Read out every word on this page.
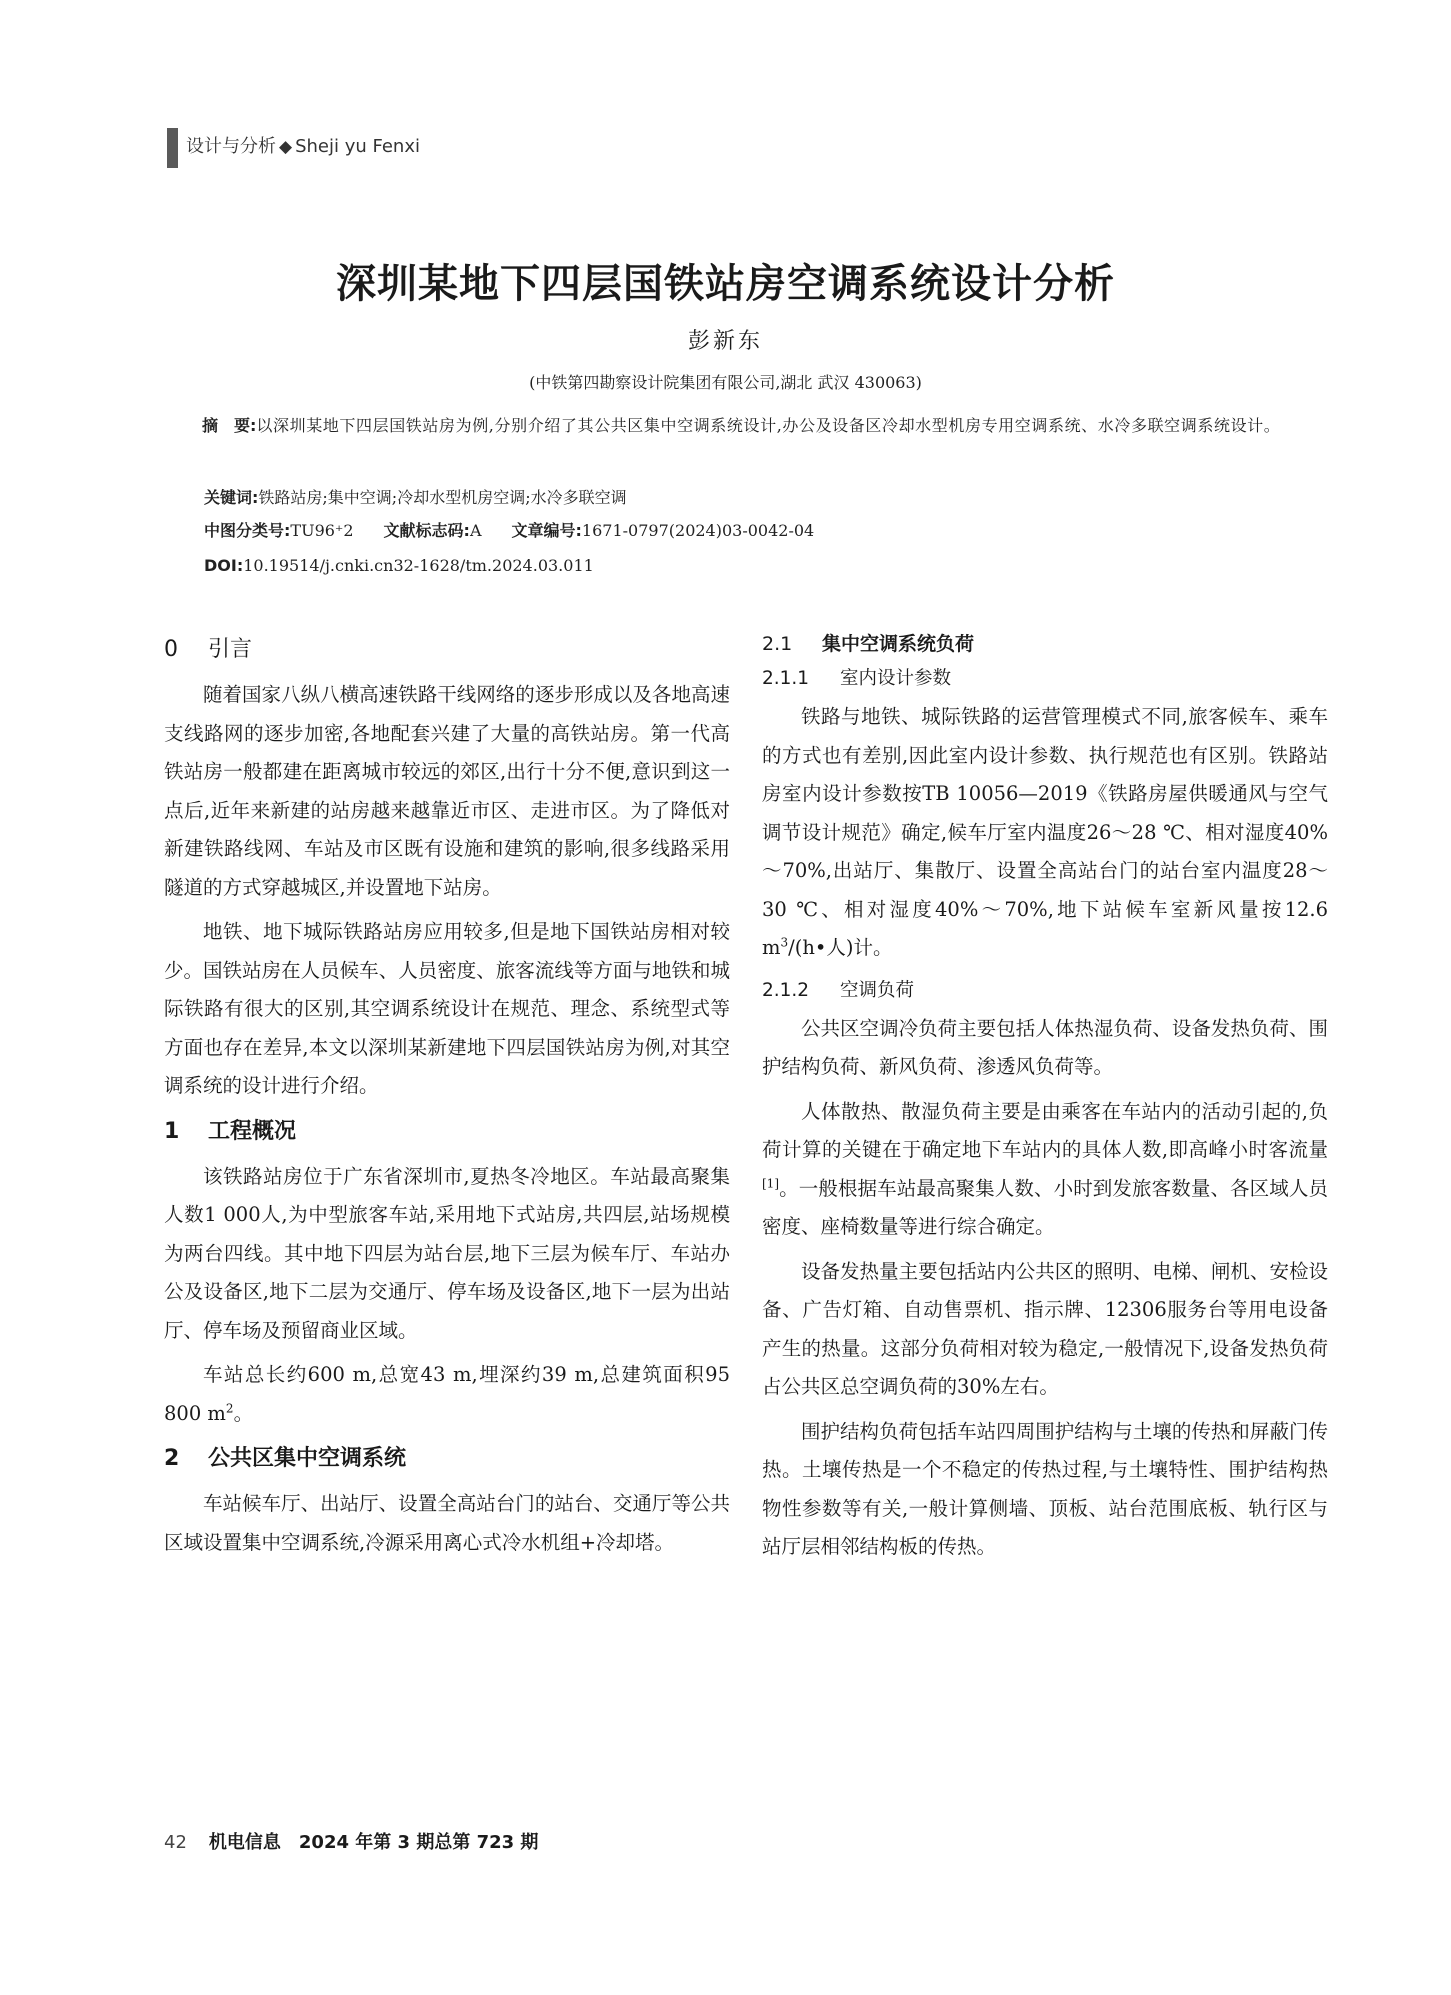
设计与分析 ◆ Sheji yu Fenxi
深圳某地下四层国铁站房空调系统设计分析
彭新东
(中铁第四勘察设计院集团有限公司,湖北 武汉 430063)
摘　要:以深圳某地下四层国铁站房为例,分别介绍了其公共区集中空调系统设计,办公及设备区冷却水型机房专用空调系统、水冷多联空调系统设计。
关键词:铁路站房;集中空调;冷却水型机房空调;水冷多联空调
中图分类号:TU96⁺2 文献标志码:A 文章编号:1671-0797(2024)03-0042-04
DOI:10.19514/j.cnki.cn32-1628/tm.2024.03.011
0 引言

随着国家八纵八横高速铁路干线网络的逐步形成以及各地高速支线路网的逐步加密,各地配套兴建了大量的高铁站房。第一代高铁站房一般都建在距离城市较远的郊区,出行十分不便,意识到这一点后,近年来新建的站房越来越靠近市区、走进市区。为了降低对新建铁路线网、车站及市区既有设施和建筑的影响,很多线路采用隧道的方式穿越城区,并设置地下站房。

地铁、地下城际铁路站房应用较多,但是地下国铁站房相对较少。国铁站房在人员候车、人员密度、旅客流线等方面与地铁和城际铁路有很大的区别,其空调系统设计在规范、理念、系统型式等方面也存在差异,本文以深圳某新建地下四层国铁站房为例,对其空调系统的设计进行介绍。

1 工程概况

该铁路站房位于广东省深圳市,夏热冬冷地区。车站最高聚集人数1 000人,为中型旅客车站,采用地下式站房,共四层,站场规模为两台四线。其中地下四层为站台层,地下三层为候车厅、车站办公及设备区,地下二层为交通厅、停车场及设备区,地下一层为出站厅、停车场及预留商业区域。

车站总长约600 m,总宽43 m,埋深约39 m,总建筑面积95 800 $m^2$。

2 公共区集中空调系统

车站候车厅、出站厅、设置全高站台门的站台、交通厅等公共区域设置集中空调系统,冷源采用离心式冷水机组+冷却塔。

2.1 集中空调系统负荷
2.1.1 室内设计参数

铁路与地铁、城际铁路的运营管理模式不同,旅客候车、乘车的方式也有差别,因此室内设计参数、执行规范也有区别。铁路站房室内设计参数按TB 10056—2019《铁路房屋供暖通风与空气调节设计规范》确定,候车厅室内温度26～28 ℃、相对湿度40%～70%,出站厅、集散厅、设置全高站台门的站台室内温度28～30 ℃、相对湿度40%～70%,地下站候车室新风量按12.6 $m^3/(h•$人)计。

2.1.2 空调负荷

公共区空调冷负荷主要包括人体热湿负荷、设备发热负荷、围护结构负荷、新风负荷、渗透风负荷等。

人体散热、散湿负荷主要是由乘客在车站内的活动引起的,负荷计算的关键在于确定地下车站内的具体人数,即高峰小时客流量[1]。一般根据车站最高聚集人数、小时到发旅客数量、各区域人员密度、座椅数量等进行综合确定。

设备发热量主要包括站内公共区的照明、电梯、闸机、安检设备、广告灯箱、自动售票机、指示牌、12306服务台等用电设备产生的热量。这部分负荷相对较为稳定,一般情况下,设备发热负荷占公共区总空调负荷的30%左右。

围护结构负荷包括车站四周围护结构与土壤的传热和屏蔽门传热。土壤传热是一个不稳定的传热过程,与土壤特性、围护结构热物性参数等有关,一般计算侧墙、顶板、站台范围底板、轨行区与站厅层相邻结构板的传热。

42 机电信息 2024 年第 3 期总第 723 期
